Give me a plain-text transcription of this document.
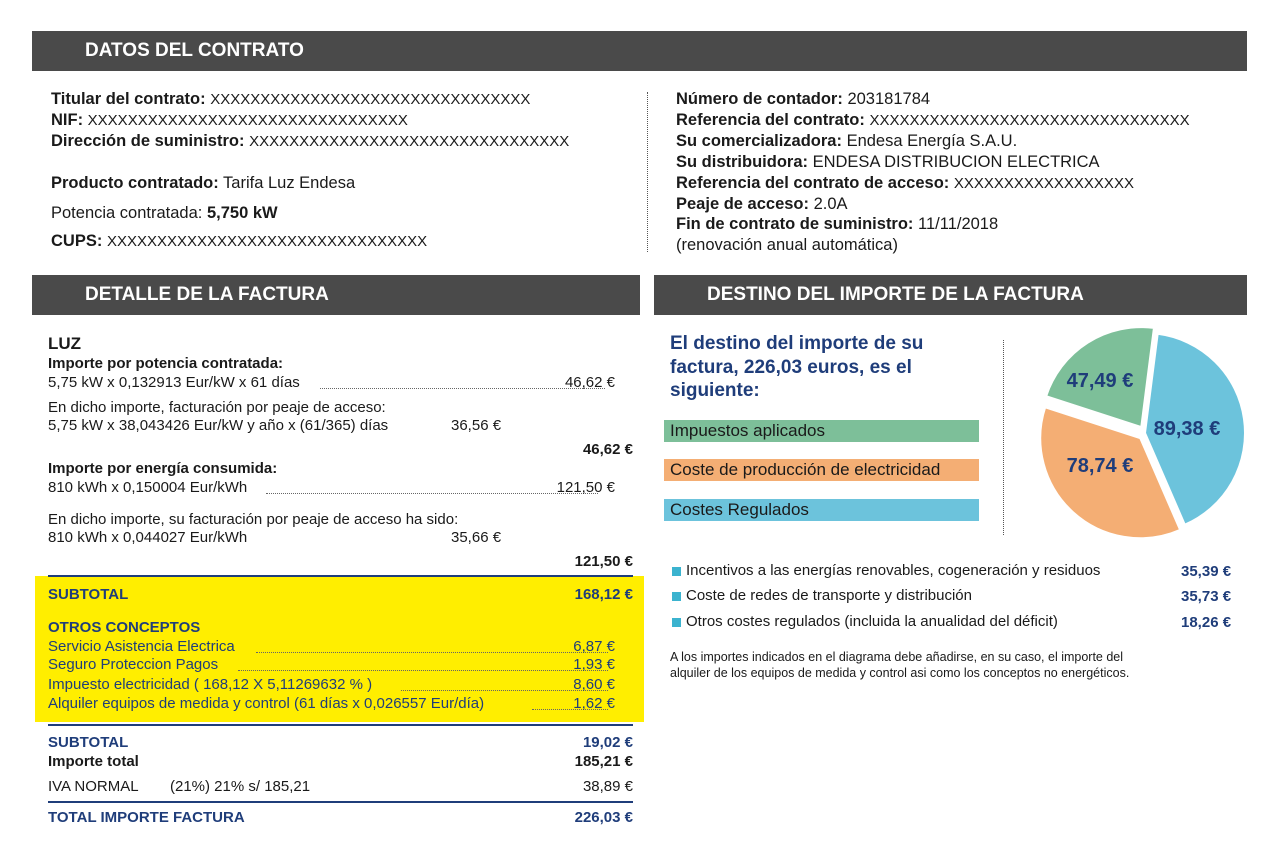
DATOS DEL CONTRATO
DETALLE DE LA FACTURA	DESTINO DEL IMPORTE DE LA FACTURA
Titular del contrato: XXXXXXXXXXXXXXXXXXXXXXXXXXXXXXXX
NIF: XXXXXXXXXXXXXXXXXXXXXXXXXXXXXXXX
Dirección de suministro: XXXXXXXXXXXXXXXXXXXXXXXXXXXXXXXX
Producto contratado: Tarifa Luz Endesa
Potencia contratada: 5,750 kW
CUPS: XXXXXXXXXXXXXXXXXXXXXXXXXXXXXXXX
Número de contador: 203181784
Referencia del contrato: XXXXXXXXXXXXXXXXXXXXXXXXXXXXXXXX
Su comercializadora: Endesa Energía S.A.U.
Su distribuidora: ENDESA DISTRIBUCION ELECTRICA
Referencia del contrato de acceso: XXXXXXXXXXXXXXXXXX
Peaje de acceso: 2.0A
Fin de contrato de suministro: 11/11/2018
(renovación anual automática)
LUZ
Importe por potencia contratada:
5,75 kW x 0,132913 Eur/kW x 61 días	46,62 €
En dicho importe, facturación por peaje de acceso:
5,75 kW x 38,043426 Eur/kW y año x (61/365) días	36,56 €
46,62 €
Importe por energía consumida:
810 kWh x 0,150004 Eur/kWh	121,50 €
En dicho importe, su facturación por peaje de acceso ha sido:
810 kWh x 0,044027 Eur/kWh	35,66 €
121,50 €
SUBTOTAL	168,12 €
OTROS CONCEPTOS
Servicio Asistencia Electrica	6,87 €
Seguro Proteccion Pagos	1,93 €
Impuesto electricidad ( 168,12 X 5,11269632 % )	8,60 €
Alquiler equipos de medida y control (61 días x 0,026557 Eur/día)	1,62 €
SUBTOTAL	19,02 €
Importe total	185,21 €
IVA NORMAL (21%) 21% s/ 185,21	38,89 €
TOTAL IMPORTE FACTURA	226,03 €
El destino del importe de su
factura, 226,03 euros, es el
siguiente:
Impuestos aplicados
Coste de producción de electricidad
Costes Regulados
47,49 €
89,38 €
78,74 €
Incentivos a las energías renovables, cogeneración y residuos	35,39 €
Coste de redes de transporte y distribución	35,73 €
Otros costes regulados (incluida la anualidad del déficit)	18,26 €
A los importes indicados en el diagrama debe añadirse, en su caso, el importe del
alquiler de los equipos de medida y control asi como los conceptos no energéticos.
